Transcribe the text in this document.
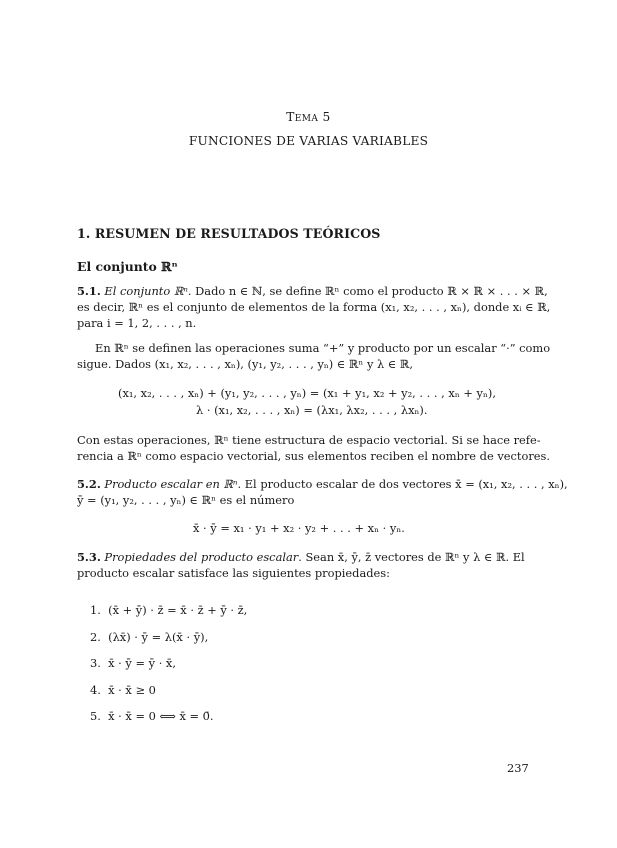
Tema 5
FUNCIONES DE VARIAS VARIABLES
1. RESUMEN DE RESULTADOS TEÓRICOS
El conjunto ℝⁿ
5.1. El conjunto ℝⁿ. Dado n ∈ ℕ, se define ℝⁿ como el producto ℝ × ℝ × . . . × ℝ,
es decir, ℝⁿ es el conjunto de elementos de la forma (x₁, x₂, . . . , xₙ), donde xᵢ ∈ ℝ,
para i = 1, 2, . . . , n.
En ℝⁿ se definen las operaciones suma “+” y producto por un escalar “·” como
sigue. Dados (x₁, x₂, . . . , xₙ), (y₁, y₂, . . . , yₙ) ∈ ℝⁿ y λ ∈ ℝ,
(x₁, x₂, . . . , xₙ) + (y₁, y₂, . . . , yₙ) = (x₁ + y₁, x₂ + y₂, . . . , xₙ + yₙ),
λ · (x₁, x₂, . . . , xₙ) = (λx₁, λx₂, . . . , λxₙ).
Con estas operaciones, ℝⁿ tiene estructura de espacio vectorial. Si se hace refe-
rencia a ℝⁿ como espacio vectorial, sus elementos reciben el nombre de vectores.
5.2. Producto escalar en ℝⁿ. El producto escalar de dos vectores x̄ = (x₁, x₂, . . . , xₙ),
ȳ = (y₁, y₂, . . . , yₙ) ∈ ℝⁿ es el número
x̄ · ȳ = x₁ · y₁ + x₂ · y₂ + . . . + xₙ · yₙ.
5.3. Propiedades del producto escalar. Sean x̄, ȳ, z̄ vectores de ℝⁿ y λ ∈ ℝ. El
producto escalar satisface las siguientes propiedades:
1. (x̄ + ȳ) · z̄ = x̄ · z̄ + ȳ · z̄,
2. (λx̄) · ȳ = λ(x̄ · ȳ),
3. x̄ · ȳ = ȳ · x̄,
4. x̄ · x̄ ≥ 0
5. x̄ · x̄ = 0 ⟺ x̄ = 0̄.
237
